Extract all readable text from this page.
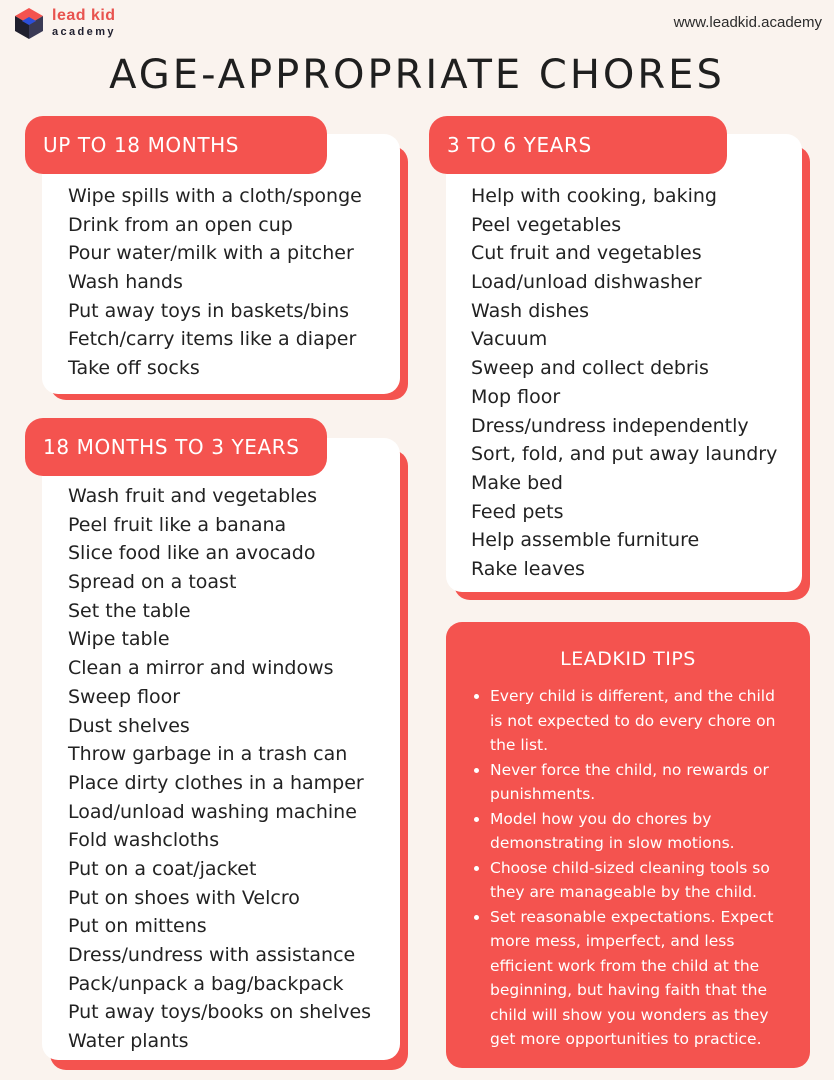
lead kid
academy
www.leadkid.academy
AGE-APPROPRIATE CHORES
UP TO 18 MONTHS
Wipe spills with a cloth/sponge
Drink from an open cup
Pour water/milk with a pitcher
Wash hands
Put away toys in baskets/bins
Fetch/carry items like a diaper
Take off socks
18 MONTHS TO 3 YEARS
Wash fruit and vegetables
Peel fruit like a banana
Slice food like an avocado
Spread on a toast
Set the table
Wipe table
Clean a mirror and windows
Sweep floor
Dust shelves
Throw garbage in a trash can
Place dirty clothes in a hamper
Load/unload washing machine
Fold washcloths
Put on a coat/jacket
Put on shoes with Velcro
Put on mittens
Dress/undress with assistance
Pack/unpack a bag/backpack
Put away toys/books on shelves
Water plants
3 TO 6 YEARS
Help with cooking, baking
Peel vegetables
Cut fruit and vegetables
Load/unload dishwasher
Wash dishes
Vacuum
Sweep and collect debris
Mop floor
Dress/undress independently
Sort, fold, and put away laundry
Make bed
Feed pets
Help assemble furniture
Rake leaves
LEADKID TIPS
• Every child is different, and the child is not expected to do every chore on the list.
• Never force the child, no rewards or punishments.
• Model how you do chores by demonstrating in slow motions.
• Choose child-sized cleaning tools so they are manageable by the child.
• Set reasonable expectations. Expect more mess, imperfect, and less efficient work from the child at the beginning, but having faith that the child will show you wonders as they get more opportunities to practice.
